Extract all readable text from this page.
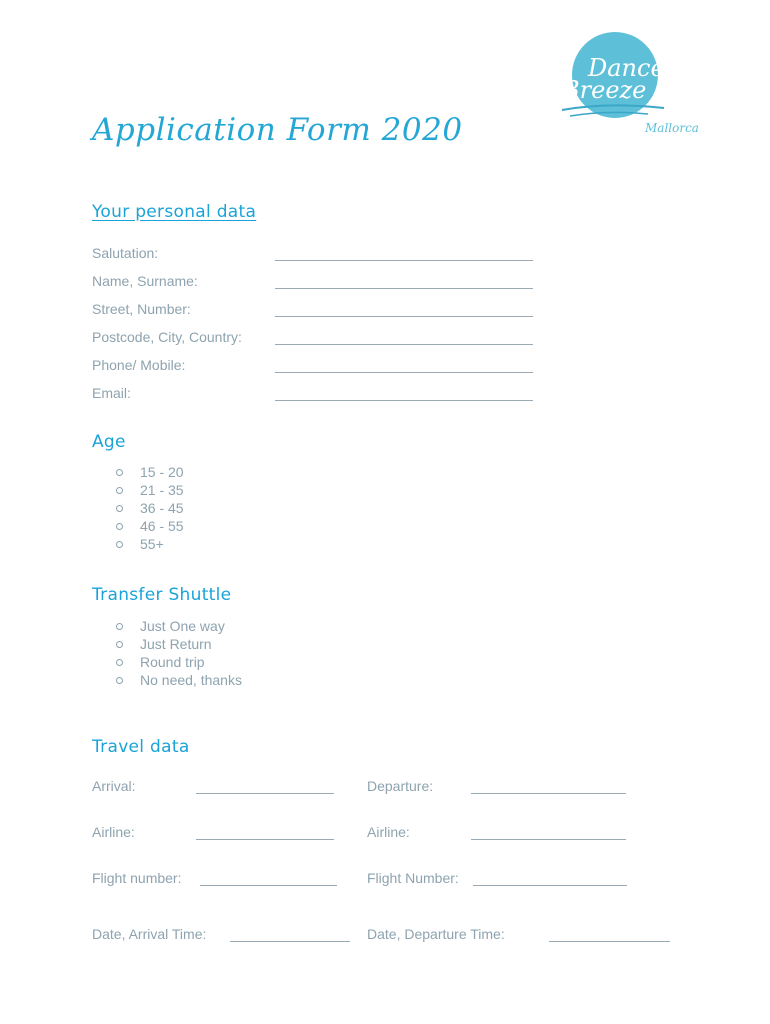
Application Form 2020
Dance
Breeze
Mallorca
Your personal data
Salutation:
Name, Surname:
Street, Number:
Postcode, City, Country:
Phone/ Mobile:
Email:
Age
15 - 20
21 - 35
36 - 45
46 - 55
55+
Transfer Shuttle
Just One way
Just Return
Round trip
No need, thanks
Travel data
Arrival:	Departure:
Airline:	Airline:
Flight number:	Flight Number:
Date, Arrival Time:	Date, Departure Time:
